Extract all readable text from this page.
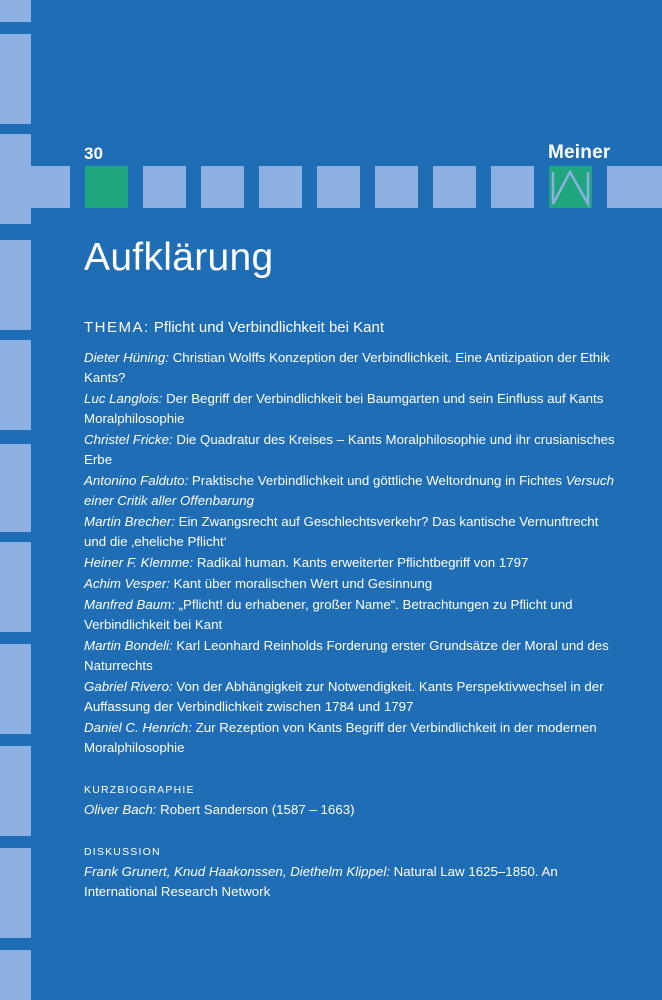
30	Meiner
Aufklärung

THEMA: Pflicht und Verbindlichkeit bei Kant

Dieter Hüning: Christian Wolffs Konzeption der Verbindlichkeit. Eine Antizipation der Ethik Kants?

Luc Langlois: Der Begriff der Verbindlichkeit bei Baumgarten und sein Einfluss auf Kants Moralphilosophie

Christel Fricke: Die Quadratur des Kreises – Kants Moralphilosophie und ihr crusianisches Erbe

Antonino Falduto: Praktische Verbindlichkeit und göttliche Weltordnung in Fichtes Versuch einer Critik aller Offenbarung

Martin Brecher: Ein Zwangsrecht auf Geschlechtsverkehr? Das kantische Vernunftrecht und die ‚eheliche Pflicht‘

Heiner F. Klemme: Radikal human. Kants erweiterter Pflichtbegriff von 1797

Achim Vesper: Kant über moralischen Wert und Gesinnung

Manfred Baum: „Pflicht! du erhabener, großer Name“. Betrachtungen zu Pflicht und Verbindlichkeit bei Kant

Martin Bondeli: Karl Leonhard Reinholds Forderung erster Grundsätze der Moral und des Naturrechts

Gabriel Rivero: Von der Abhängigkeit zur Notwendigkeit. Kants Perspektivwechsel in der Auffassung der Verbindlichkeit zwischen 1784 und 1797

Daniel C. Henrich: Zur Rezeption von Kants Begriff der Verbindlichkeit in der modernen Moralphilosophie

KURZBIOGRAPHIE

Oliver Bach: Robert Sanderson (1587 – 1663)

DISKUSSION

Frank Grunert, Knud Haakonssen, Diethelm Klippel: Natural Law 1625–1850. An International Research Network
